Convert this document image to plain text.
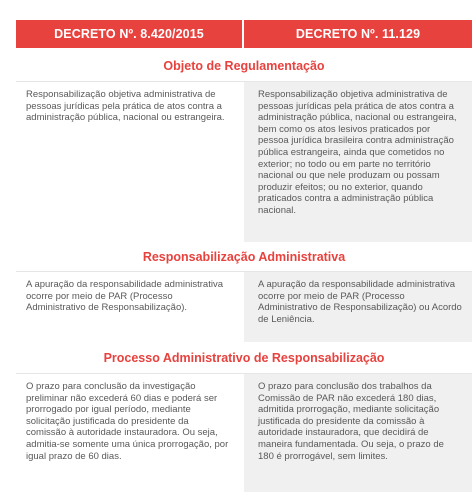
DECRETO Nº. 8.420/2015	DECRETO Nº. 11.129
Objeto de Regulamentação
Responsabilização objetiva administrativa de pessoas jurídicas pela prática de atos contra a administração pública, nacional ou estrangeira.
Responsabilização objetiva administrativa de pessoas jurídicas pela prática de atos contra a administração pública, nacional ou estrangeira, bem como os atos lesivos praticados por pessoa jurídica brasileira contra administração pública estrangeira, ainda que cometidos no exterior; no todo ou em parte no território nacional ou que nele produzam ou possam produzir efeitos; ou no exterior, quando praticados contra a administração pública nacional.
Responsabilização Administrativa
A apuração da responsabilidade administrativa ocorre por meio de PAR (Processo Administrativo de Responsabilização).
A apuração da responsabilidade administrativa ocorre por meio de PAR (Processo Administrativo de Responsabilização) ou Acordo de Leniência.
Processo Administrativo de Responsabilização
O prazo para conclusão da investigação preliminar não excederá 60 dias e poderá ser prorrogado por igual período, mediante solicitação justificada do presidente da comissão à autoridade instauradora. Ou seja, admitia-se somente uma única prorrogação, por igual prazo de 60 dias.
O prazo para conclusão dos trabalhos da Comissão de PAR não excederá 180 dias, admitida prorrogação, mediante solicitação justificada do presidente da comissão à autoridade instauradora, que decidirá de maneira fundamentada. Ou seja, o prazo de 180 é prorrogável, sem limites.
